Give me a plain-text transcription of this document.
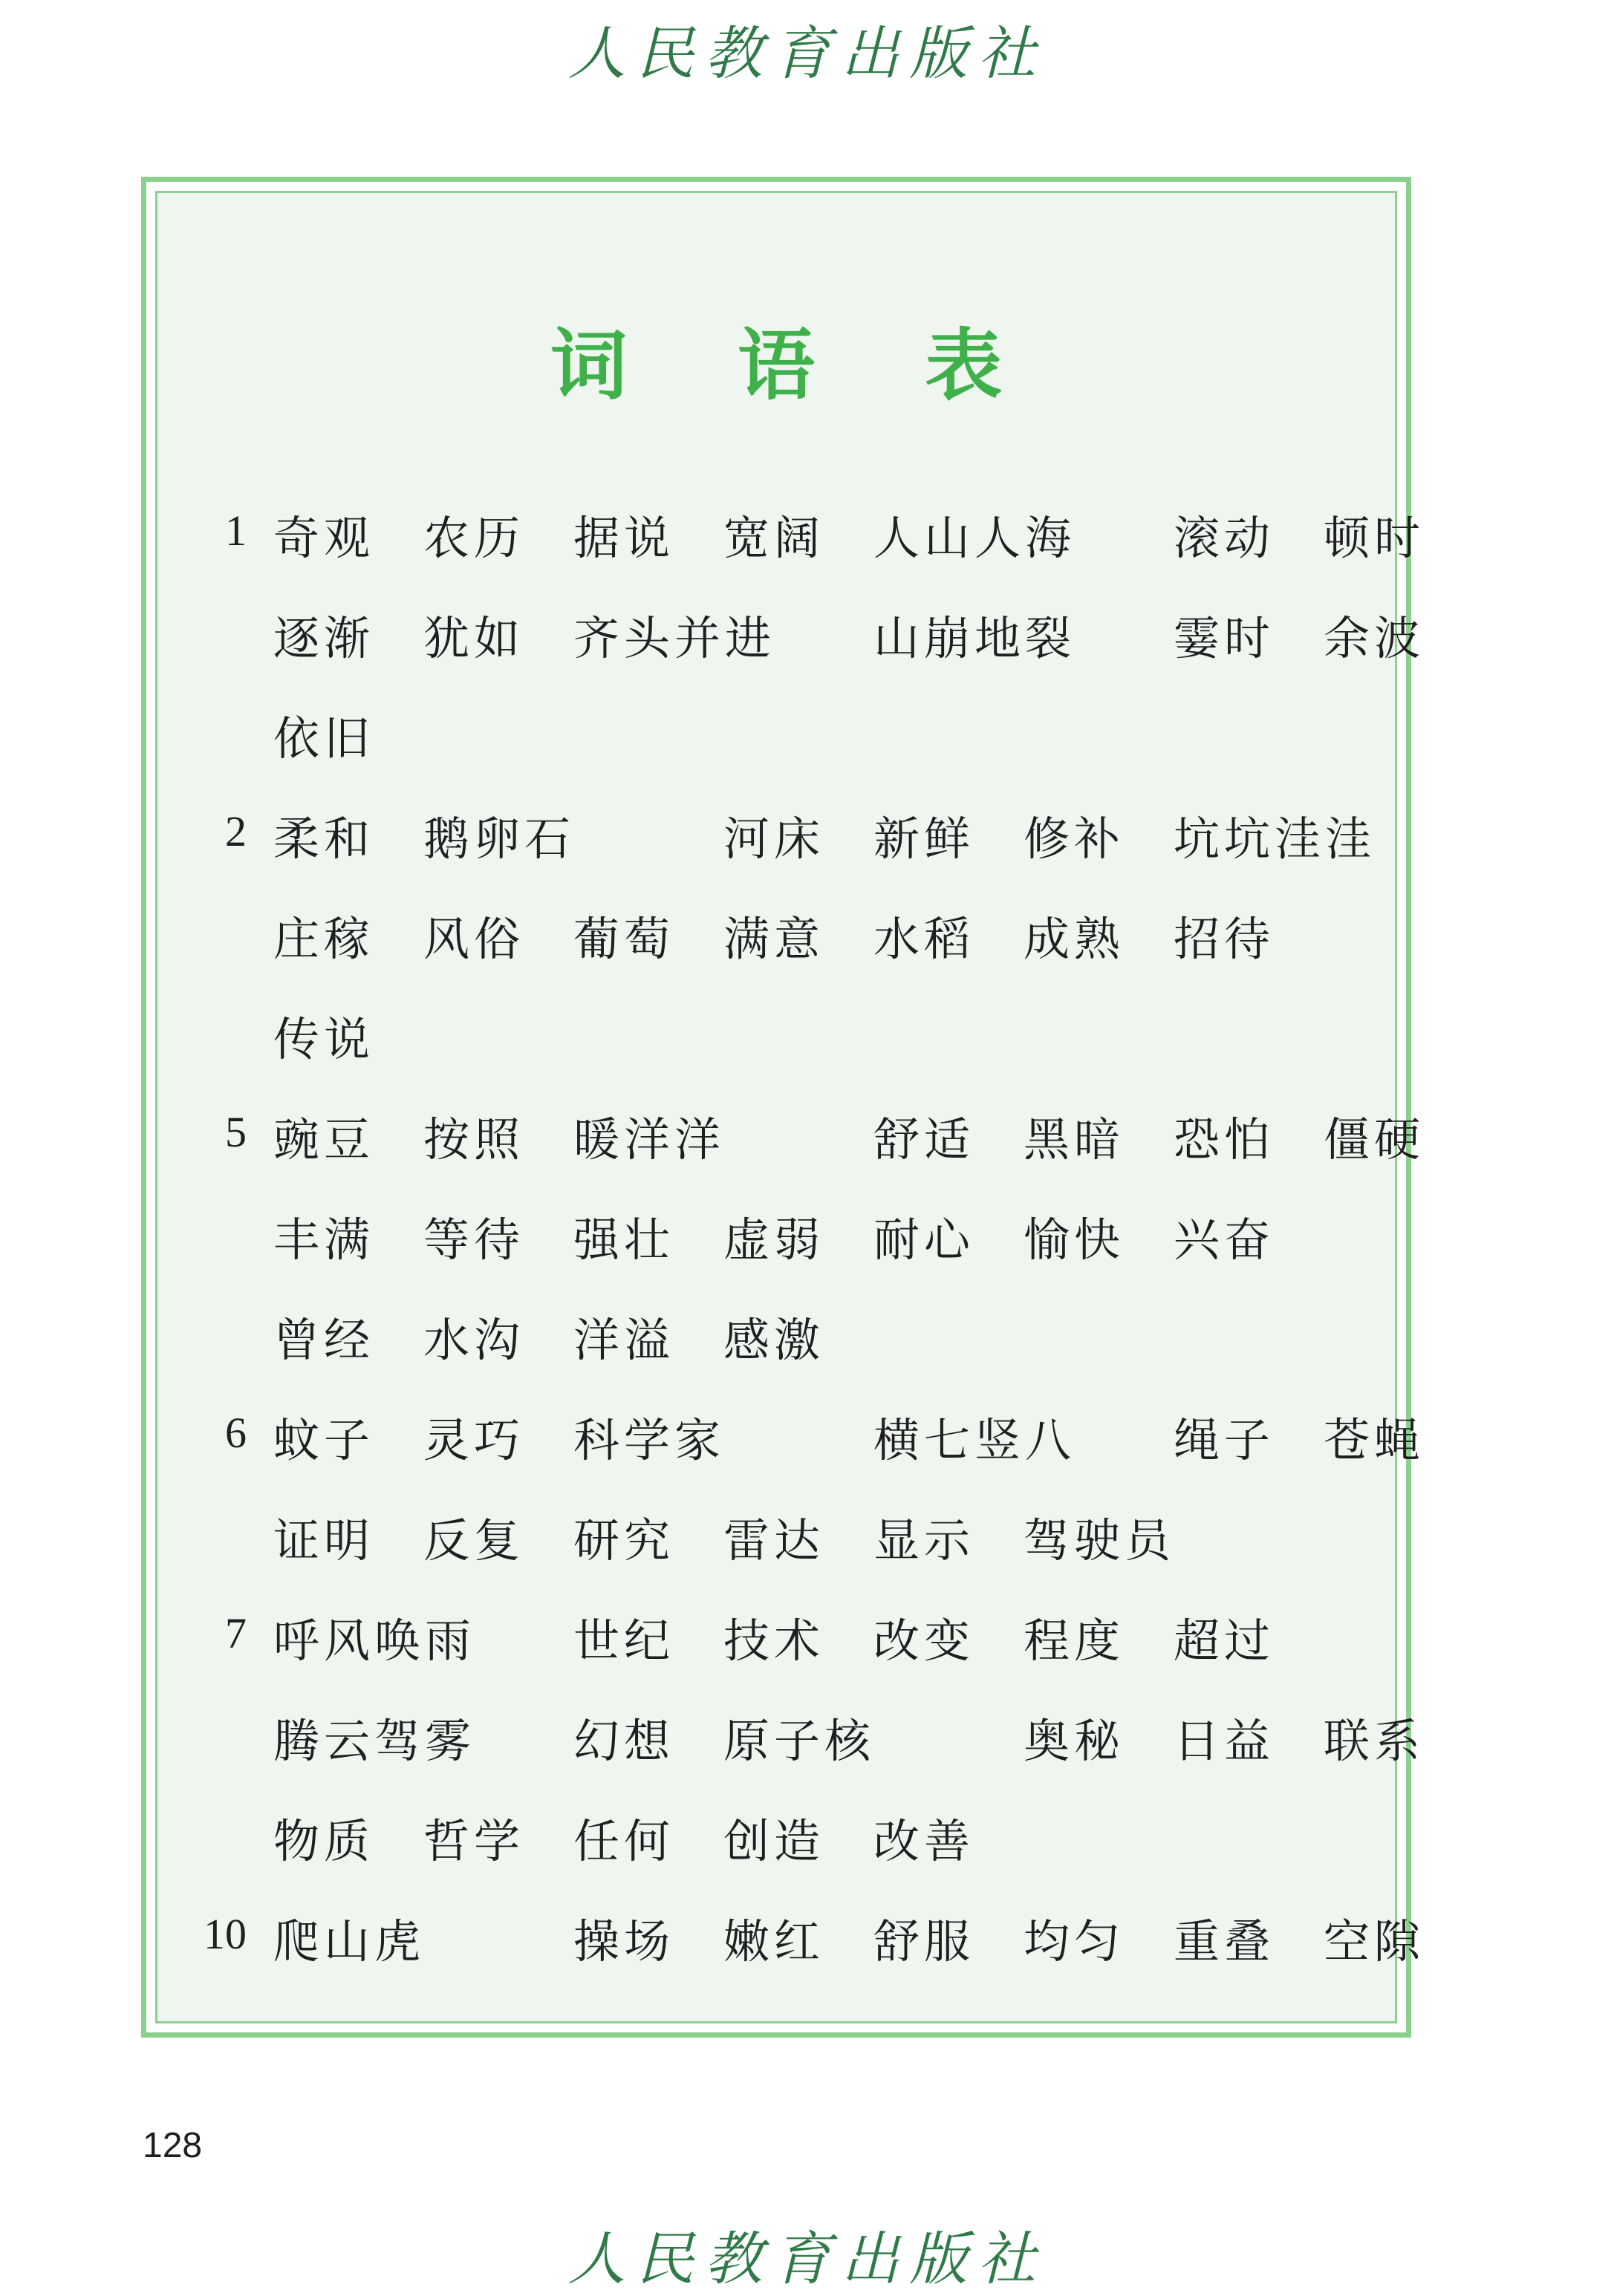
人民教育出版社
词 语 表
1 奇观 农历 据说 宽阔 人山人海 滚动 顿时
逐渐 犹如 齐头并进 山崩地裂 霎时 余波
依旧
2 柔和 鹅卵石	河床 新鲜 修补 坑坑洼洼
庄稼 风俗 葡萄 满意 水稻 成熟 招待
传说
5 豌豆 按照 暖洋洋	舒适 黑暗 恐怕 僵硬
丰满 等待 强壮 虚弱 耐心 愉快 兴奋
曾经 水沟 洋溢 感激
6 蚊子 灵巧 科学家	横七竖八 绳子 苍蝇
证明 反复 研究 雷达 显示 驾驶员
7 呼风唤雨 世纪 技术 改变 程度 超过
腾云驾雾 幻想 原子核	奥秘 日益 联系
物质 哲学 任何 创造 改善
10 爬山虎	操场 嫩红 舒服 均匀 重叠 空隙
128
人民教育出版社
